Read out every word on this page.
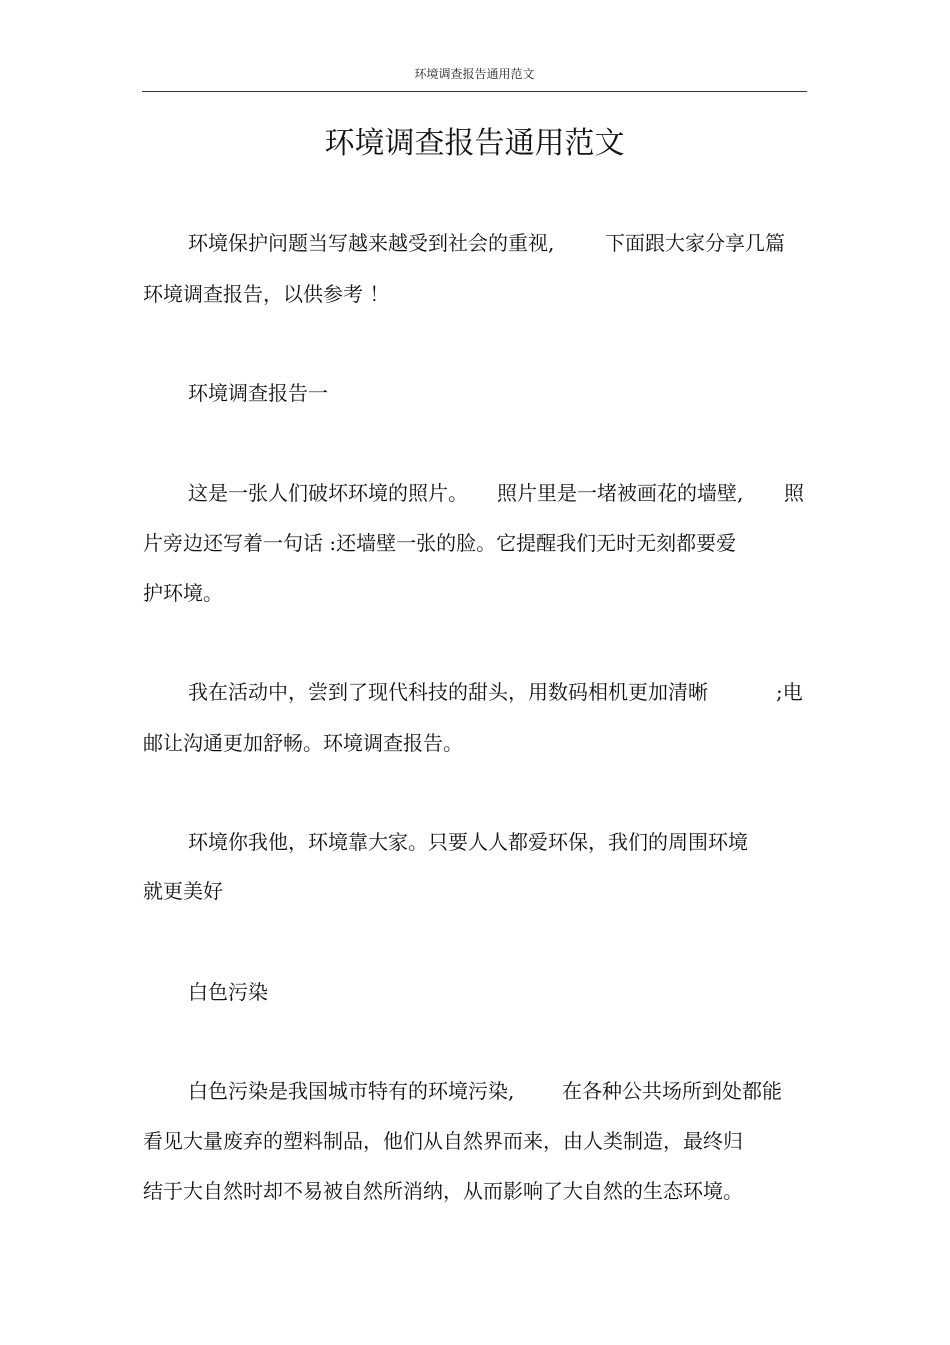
环境调查报告通用范文
环境调查报告通用范文
环境保护问题当写越来越受到社会的重视,	下面跟大家分享几篇
环境调查报告，以供参考 ！
环境调查报告一
这是一张人们破坏环境的照片。 照片里是一堵被画花的墙壁, 照
片旁边还写着一句话 :还墙壁一张的脸。它提醒我们无时无刻都要爱
护环境。
我在活动中，尝到了现代科技的甜头，用数码相机更加清晰	;电
邮让沟通更加舒畅。环境调查报告。
环境你我他，环境靠大家。只要人人都爱环保，我们的周围环境
就更美好
白色污染
白色污染是我国城市特有的环境污染, 在各种公共场所到处都能
看见大量废弃的塑料制品，他们从自然界而来，由人类制造，最终归
结于大自然时却不易被自然所消纳，从而影响了大自然的生态环境。
